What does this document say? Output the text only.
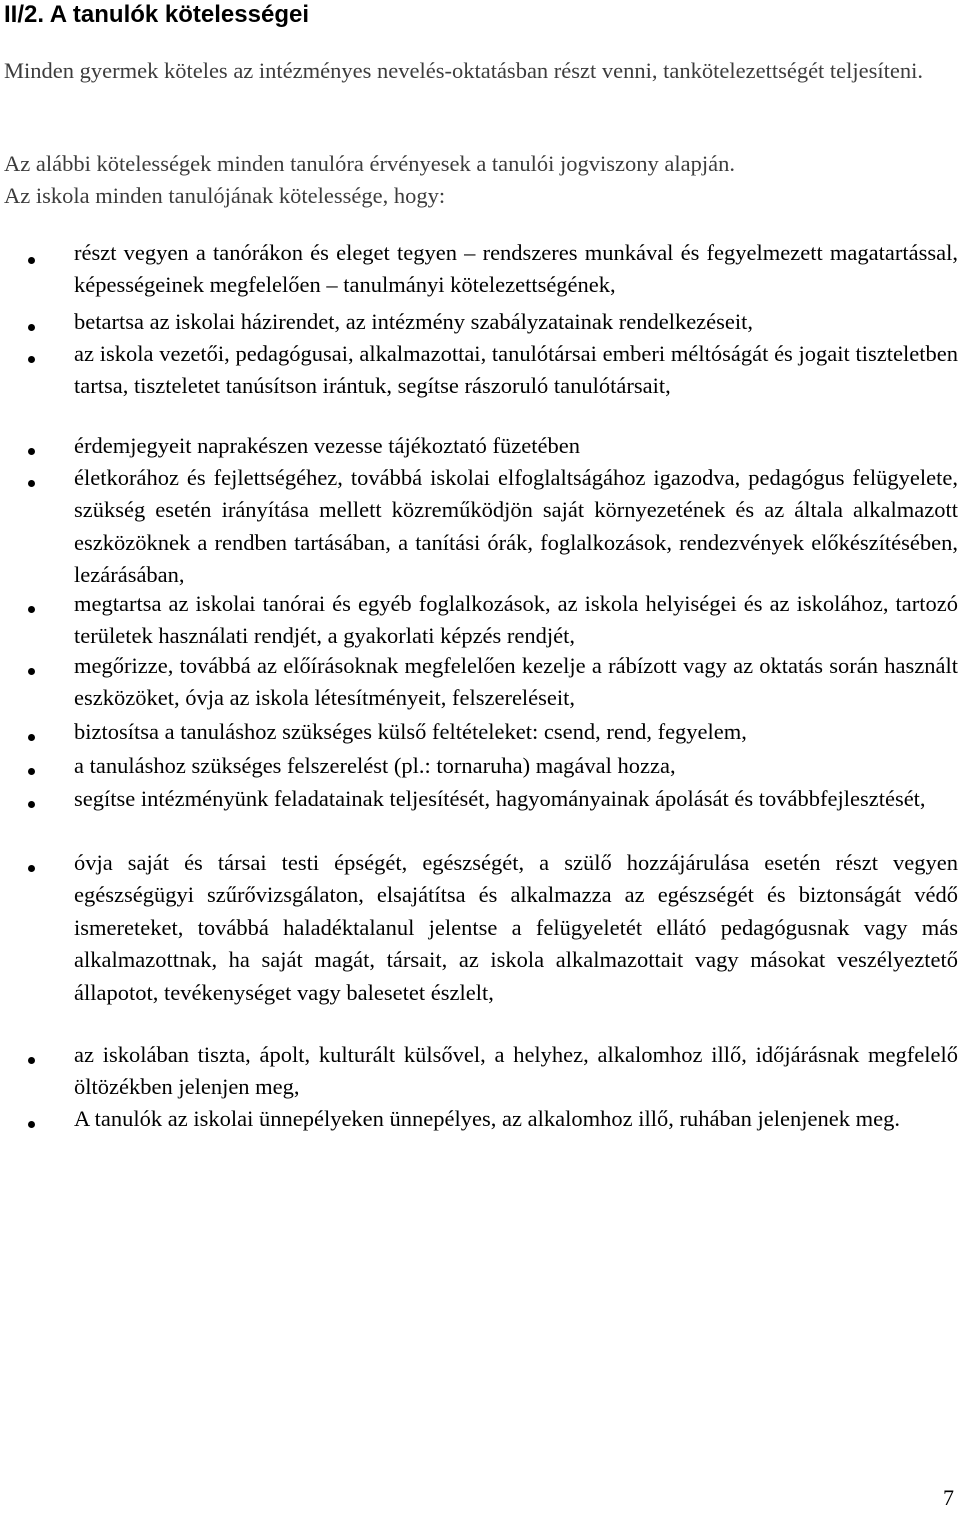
II/2. A tanulók kötelességei

Minden gyermek köteles az intézményes nevelés-oktatásban részt venni, tankötelezettségét teljesíteni.

Az alábbi kötelességek minden tanulóra érvényesek a tanulói jogviszony alapján.

Az iskola minden tanulójának kötelessége, hogy:

részt vegyen a tanórákon és eleget tegyen – rendszeres munkával és fegyelmezett magatartással, képességeinek megfelelően – tanulmányi kötelezettségének,
betartsa az iskolai házirendet, az intézmény szabályzatainak rendelkezéseit,
az iskola vezetői, pedagógusai, alkalmazottai, tanulótársai emberi méltóságát és jogait tiszteletben tartsa, tiszteletet tanúsítson irántuk, segítse rászoruló tanulótársait,
érdemjegyeit naprakészen vezesse tájékoztató füzetében
életkorához és fejlettségéhez, továbbá iskolai elfoglaltságához igazodva, pedagógus felügyelete, szükség esetén irányítása mellett közreműködjön saját környezetének és az általa alkalmazott eszközöknek a rendben tartásában, a tanítási órák, foglalkozások, rendezvények előkészítésében, lezárásában,
megtartsa az iskolai tanórai és egyéb foglalkozások, az iskola helyiségei és az iskolához, tartozó területek használati rendjét, a gyakorlati képzés rendjét,
megőrizze, továbbá az előírásoknak megfelelően kezelje a rábízott vagy az oktatás során használt eszközöket, óvja az iskola létesítményeit, felszereléseit,
biztosítsa a tanuláshoz szükséges külső feltételeket: csend, rend, fegyelem,
a tanuláshoz szükséges felszerelést (pl.: tornaruha) magával hozza,
segítse intézményünk feladatainak teljesítését, hagyományainak ápolását és továbbfejlesztését,
óvja saját és társai testi épségét, egészségét, a szülő hozzájárulása esetén részt vegyen egészségügyi szűrővizsgálaton, elsajátítsa és alkalmazza az egészségét és biztonságát védő ismereteket, továbbá haladéktalanul jelentse a felügyeletét ellátó pedagógusnak vagy más alkalmazottnak, ha saját magát, társait, az iskola alkalmazottait vagy másokat veszélyeztető állapotot, tevékenységet vagy balesetet észlelt,
az iskolában tiszta, ápolt, kulturált külsővel, a helyhez, alkalomhoz illő, időjárásnak megfelelő öltözékben jelenjen meg,
A tanulók az iskolai ünnepélyeken ünnepélyes, az alkalomhoz illő, ruhában jelenjenek meg.
7
